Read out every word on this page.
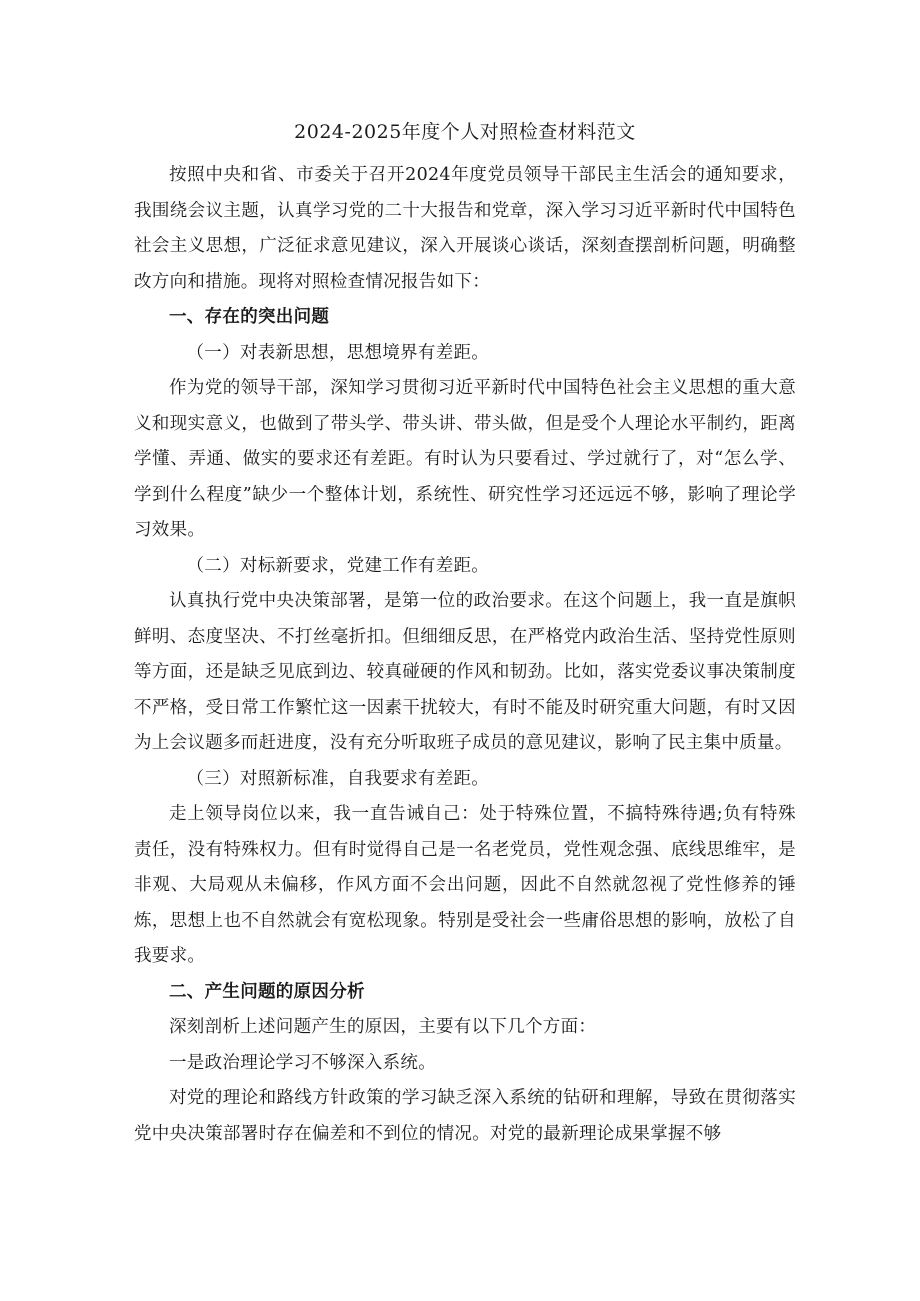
2024-2025年度个人对照检查材料范文

按照中央和省、市委关于召开2024年度党员领导干部民主生活会的通知要求，我围绕会议主题，认真学习党的二十大报告和党章，深入学习习近平新时代中国特色社会主义思想，广泛征求意见建议，深入开展谈心谈话，深刻查摆剖析问题，明确整改方向和措施。现将对照检查情况报告如下：

一、存在的突出问题

（一）对表新思想，思想境界有差距。

作为党的领导干部，深知学习贯彻习近平新时代中国特色社会主义思想的重大意义和现实意义，也做到了带头学、带头讲、带头做，但是受个人理论水平制约，距离学懂、弄通、做实的要求还有差距。有时认为只要看过、学过就行了，对“怎么学、学到什么程度”缺少一个整体计划，系统性、研究性学习还远远不够，影响了理论学习效果。

（二）对标新要求，党建工作有差距。

认真执行党中央决策部署，是第一位的政治要求。在这个问题上，我一直是旗帜鲜明、态度坚决、不打丝毫折扣。但细细反思，在严格党内政治生活、坚持党性原则等方面，还是缺乏见底到边、较真碰硬的作风和韧劲。比如，落实党委议事决策制度不严格，受日常工作繁忙这一因素干扰较大，有时不能及时研究重大问题，有时又因为上会议题多而赶进度，没有充分听取班子成员的意见建议，影响了民主集中质量。

（三）对照新标准，自我要求有差距。

走上领导岗位以来，我一直告诫自己：处于特殊位置，不搞特殊待遇;负有特殊责任，没有特殊权力。但有时觉得自己是一名老党员，党性观念强、底线思维牢，是非观、大局观从未偏移，作风方面不会出问题，因此不自然就忽视了党性修养的锤炼，思想上也不自然就会有宽松现象。特别是受社会一些庸俗思想的影响，放松了自我要求。

二、产生问题的原因分析

深刻剖析上述问题产生的原因，主要有以下几个方面：

一是政治理论学习不够深入系统。

对党的理论和路线方针政策的学习缺乏深入系统的钻研和理解，导致在贯彻落实党中央决策部署时存在偏差和不到位的情况。对党的最新理论成果掌握不够
